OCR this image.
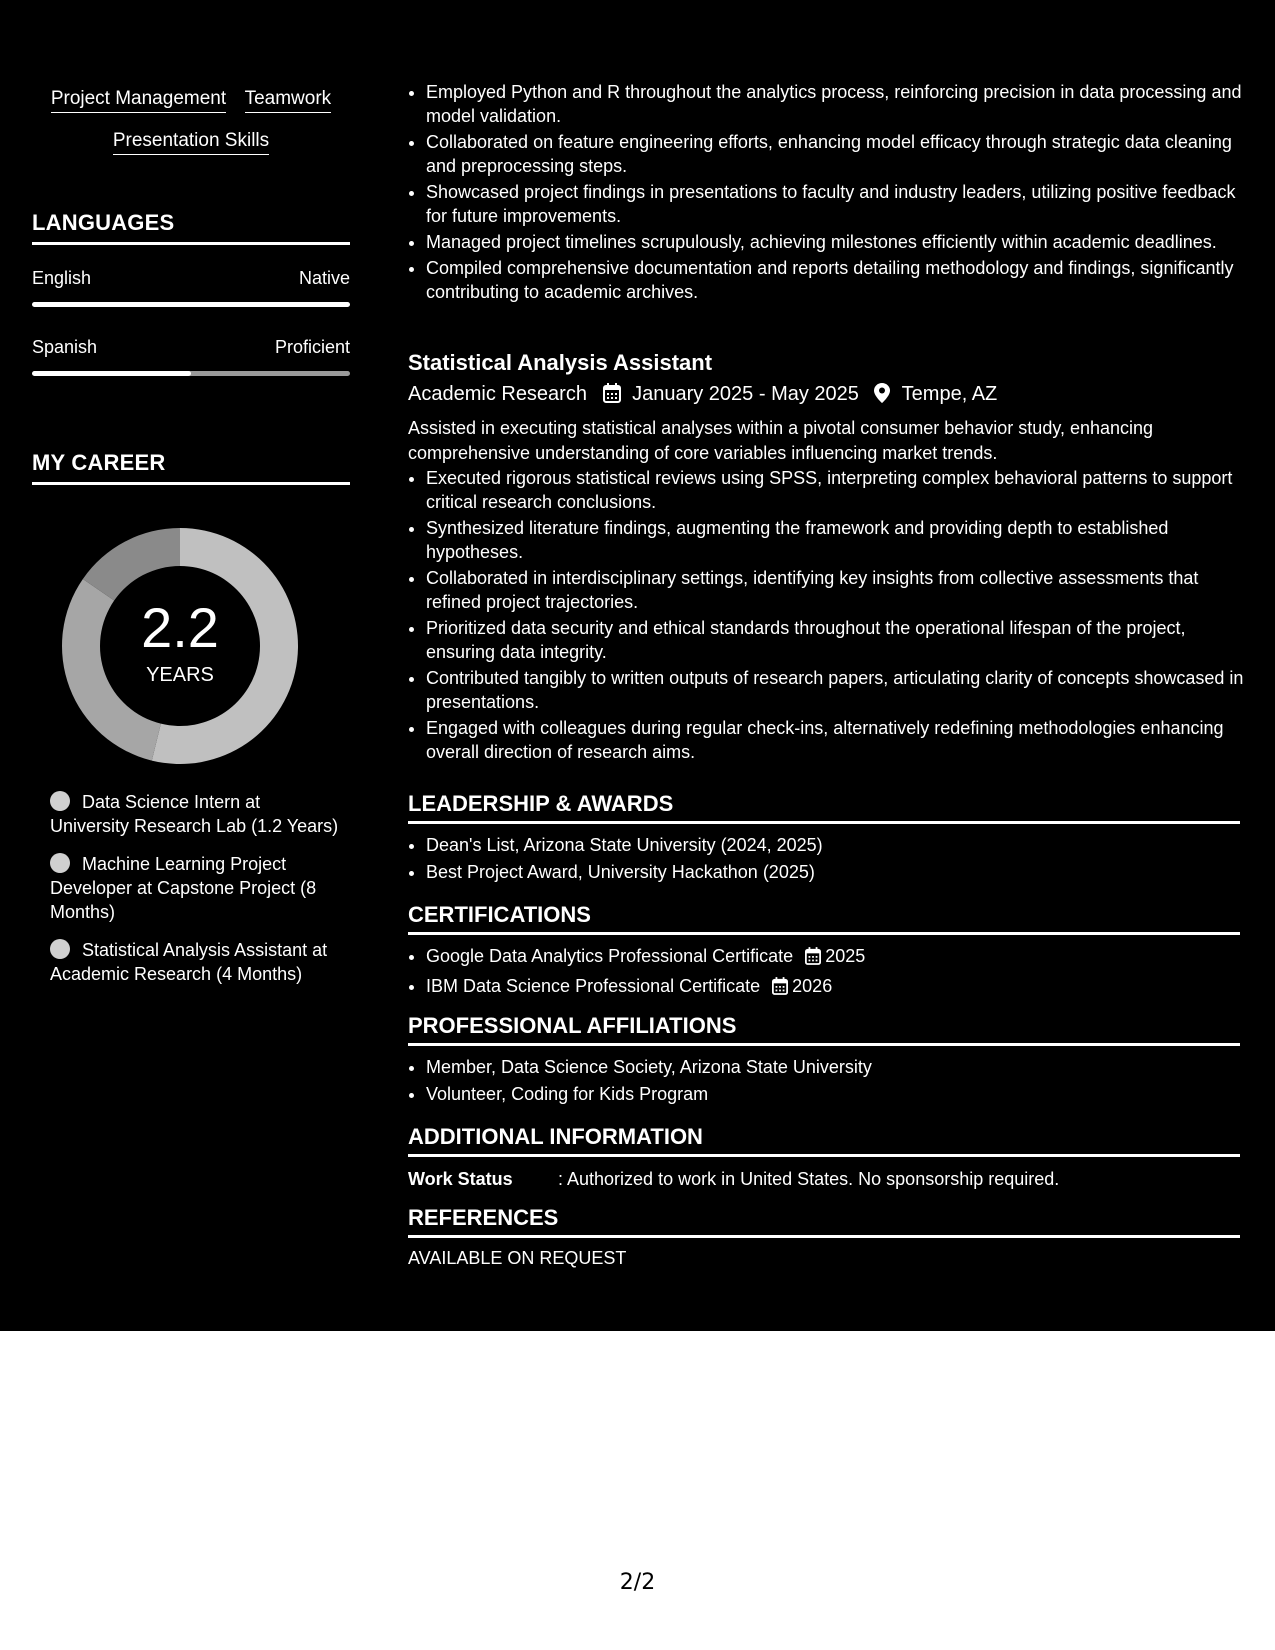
Project Management Teamwork
Presentation Skills
LANGUAGES
English	Native
Spanish	Proficient
MY CAREER
2.2
YEARS
Data Science Intern at University Research Lab (1.2 Years)
Machine Learning Project Developer at Capstone Project (8 Months)
Statistical Analysis Assistant at Academic Research (4 Months)
• Employed Python and R throughout the analytics process, reinforcing precision in data processing and model validation.
• Collaborated on feature engineering efforts, enhancing model efficacy through strategic data cleaning and preprocessing steps.
• Showcased project findings in presentations to faculty and industry leaders, utilizing positive feedback for future improvements.
• Managed project timelines scrupulously, achieving milestones efficiently within academic deadlines.
• Compiled comprehensive documentation and reports detailing methodology and findings, significantly contributing to academic archives.
Statistical Analysis Assistant
Academic Research January 2025 - May 2025 Tempe, AZ
Assisted in executing statistical analyses within a pivotal consumer behavior study, enhancing comprehensive understanding of core variables influencing market trends.
• Executed rigorous statistical reviews using SPSS, interpreting complex behavioral patterns to support critical research conclusions.
• Synthesized literature findings, augmenting the framework and providing depth to established hypotheses.
• Collaborated in interdisciplinary settings, identifying key insights from collective assessments that refined project trajectories.
• Prioritized data security and ethical standards throughout the operational lifespan of the project, ensuring data integrity.
• Contributed tangibly to written outputs of research papers, articulating clarity of concepts showcased in presentations.
• Engaged with colleagues during regular check-ins, alternatively redefining methodologies enhancing overall direction of research aims.
LEADERSHIP & AWARDS
• Dean's List, Arizona State University (2024, 2025)
• Best Project Award, University Hackathon (2025)
CERTIFICATIONS
• Google Data Analytics Professional Certificate 2025
• IBM Data Science Professional Certificate 2026
PROFESSIONAL AFFILIATIONS
• Member, Data Science Society, Arizona State University
• Volunteer, Coding for Kids Program
ADDITIONAL INFORMATION
Work Status	: Authorized to work in United States. No sponsorship required.
REFERENCES
AVAILABLE ON REQUEST
2/2
